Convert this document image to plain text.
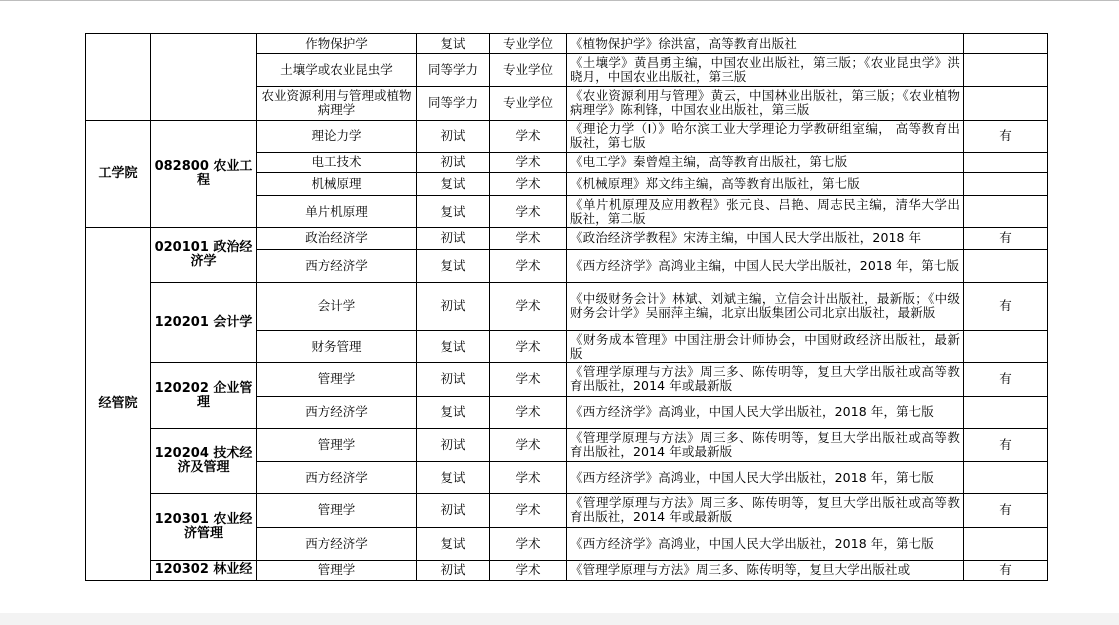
		作物保护学	复试	专业学位	《植物保护学》徐洪富，高等教育出版社	
		土壤学或农业昆虫学	同等学力	专业学位	《土壤学》黄昌勇主编，中国农业出版社，第三版；《农业昆虫学》洪晓月，中国农业出版社，第三版	
		农业资源利用与管理或植物病理学	同等学力	专业学位	《农业资源利用与管理》黄云，中国林业出版社，第三版；《农业植物病理学》陈利锋，中国农业出版社，第三版	
工学院	082800 农业工程	理论力学	初试	学术	《理论力学（Ⅰ）》哈尔滨工业大学理论力学教研组室编， 高等教育出版社，第七版	有
		电工技术	初试	学术	《电工学》秦曾煌主编，高等教育出版社，第七版	
		机械原理	复试	学术	《机械原理》郑文纬主编，高等教育出版社，第七版	
		单片机原理	复试	学术	《单片机原理及应用教程》张元良、吕艳、周志民主编，清华大学出版社，第二版	
经管院	020101 政治经济学	政治经济学	初试	学术	《政治经济学教程》宋涛主编，中国人民大学出版社，2018 年	有
		西方经济学	复试	学术	《西方经济学》高鸿业主编，中国人民大学出版社，2018 年，第七版	
	120201 会计学	会计学	初试	学术	《中级财务会计》林斌、刘斌主编，立信会计出版社，最新版；《中级财务会计学》吴丽萍主编，北京出版集团公司北京出版社，最新版	有
		财务管理	复试	学术	《财务成本管理》中国注册会计师协会，中国财政经济出版社，最新版	
	120202 企业管理	管理学	初试	学术	《管理学原理与方法》周三多、陈传明等，复旦大学出版社或高等教育出版社，2014 年或最新版	有
		西方经济学	复试	学术	《西方经济学》高鸿业，中国人民大学出版社，2018 年，第七版	
	120204 技术经济及管理	管理学	初试	学术	《管理学原理与方法》周三多、陈传明等，复旦大学出版社或高等教育出版社，2014 年或最新版	有
		西方经济学	复试	学术	《西方经济学》高鸿业，中国人民大学出版社，2018 年，第七版	
	120301 农业经济管理	管理学	初试	学术	《管理学原理与方法》周三多、陈传明等，复旦大学出版社或高等教育出版社，2014 年或最新版	有
		西方经济学	复试	学术	《西方经济学》高鸿业，中国人民大学出版社，2018 年，第七版	
	120302 林业经	管理学	初试	学术	《管理学原理与方法》周三多、陈传明等，复旦大学出版社或	有
